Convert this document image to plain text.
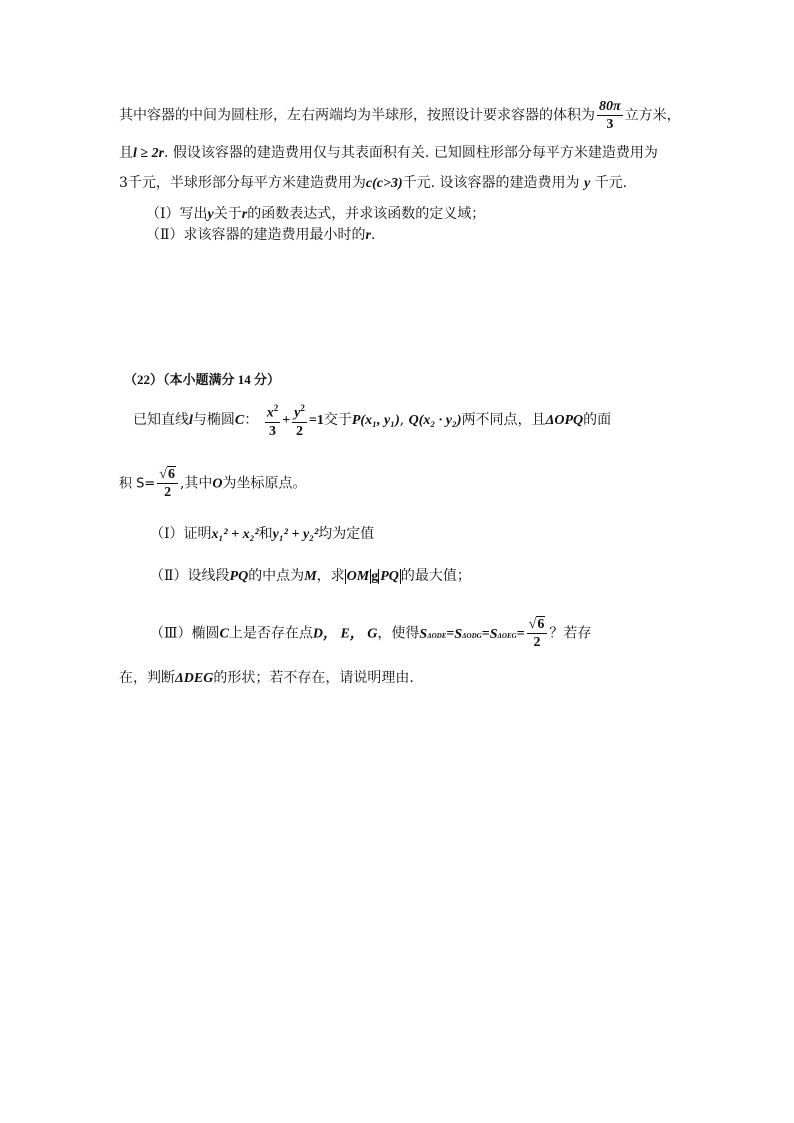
其中容器的中间为圆柱形，左右两端均为半球形，按照设计要求容器的体积为 $\frac{80\pi}{3}$ 立方米，
且l ≥ 2r. 假设该容器的建造费用仅与其表面积有关. 已知圆柱形部分每平方米建造费用为
3千元，半球形部分每平方米建造费用为c(c>3)千元. 设该容器的建造费用为 y 千元.
（Ⅰ）写出y关于r的函数表达式，并求该函数的定义域；
（Ⅱ）求该容器的建造费用最小时的r.
（22）（本小题满分 14 分）
已知直线l与椭圆C： $\frac{x^2}{3} + \frac{y^2}{2} =1$交于P(x₁, y₁), Q(x₂ · y₂)两不同点，且ΔOPQ的面
积 $S= \frac{√6}{2}$ ,其中O为坐标原点。
（Ⅰ）证明x₁² + x₂²和y₁² + y₂²均为定值
（Ⅱ）设线段PQ的中点为M，求 OM g PQ 的最大值；
（Ⅲ）椭圆C上是否存在点D， E， G，使得$S\Delta ODE=S\Delta ODG=S\Delta OEG= \frac{√6}{2}$ ？若存
在，判断ΔDEG的形状；若不存在，请说明理由.
